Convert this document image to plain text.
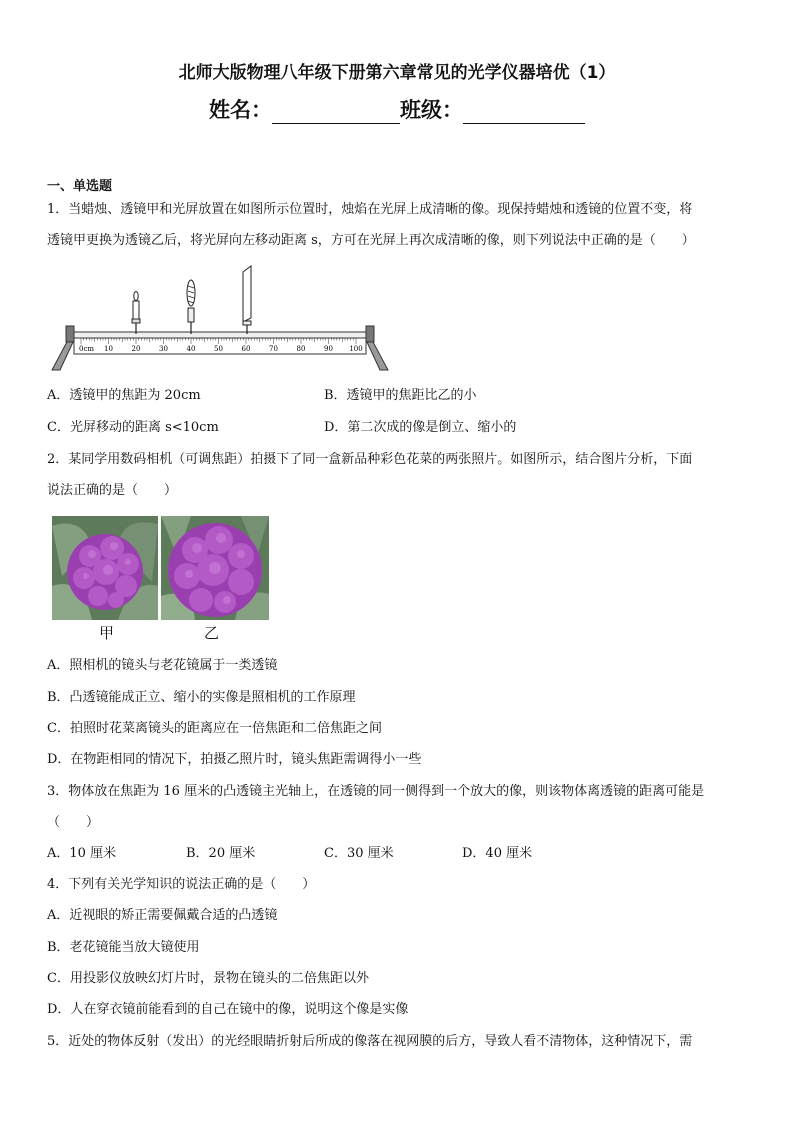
北师大版物理八年级下册第六章常见的光学仪器培优（1）
姓名：	班级：
一、单选题
1．当蜡烛、透镜甲和光屏放置在如图所示位置时，烛焰在光屏上成清晰的像。现保持蜡烛和透镜的位置不变，将
透镜甲更换为透镜乙后，将光屏向左移动距离 s，方可在光屏上再次成清晰的像，则下列说法中正确的是（　　）
0cm 10	20	30	40	50	60	70	80	90 100
A．透镜甲的焦距为 20cm	B．透镜甲的焦距比乙的小
C．光屏移动的距离 s<10cm	D．第二次成的像是倒立、缩小的
2．某同学用数码相机（可调焦距）拍摄下了同一盒新品种彩色花菜的两张照片。如图所示，结合图片分析，下面
说法正确的是（　　）
甲	乙
A．照相机的镜头与老花镜属于一类透镜
B．凸透镜能成正立、缩小的实像是照相机的工作原理
C．拍照时花菜离镜头的距离应在一倍焦距和二倍焦距之间
D．在物距相同的情况下，拍摄乙照片时，镜头焦距需调得小一些
3．物体放在焦距为 16 厘米的凸透镜主光轴上，在透镜的同一侧得到一个放大的像，则该物体离透镜的距离可能是
（　　）
A．10 厘米	B．20 厘米	C．30 厘米	D．40 厘米
4．下列有关光学知识的说法正确的是（　　）
A．近视眼的矫正需要佩戴合适的凸透镜
B．老花镜能当放大镜使用
C．用投影仪放映幻灯片时，景物在镜头的二倍焦距以外
D．人在穿衣镜前能看到的自己在镜中的像，说明这个像是实像
5．近处的物体反射（发出）的光经眼睛折射后所成的像落在视网膜的后方，导致人看不清物体，这种情况下，需
